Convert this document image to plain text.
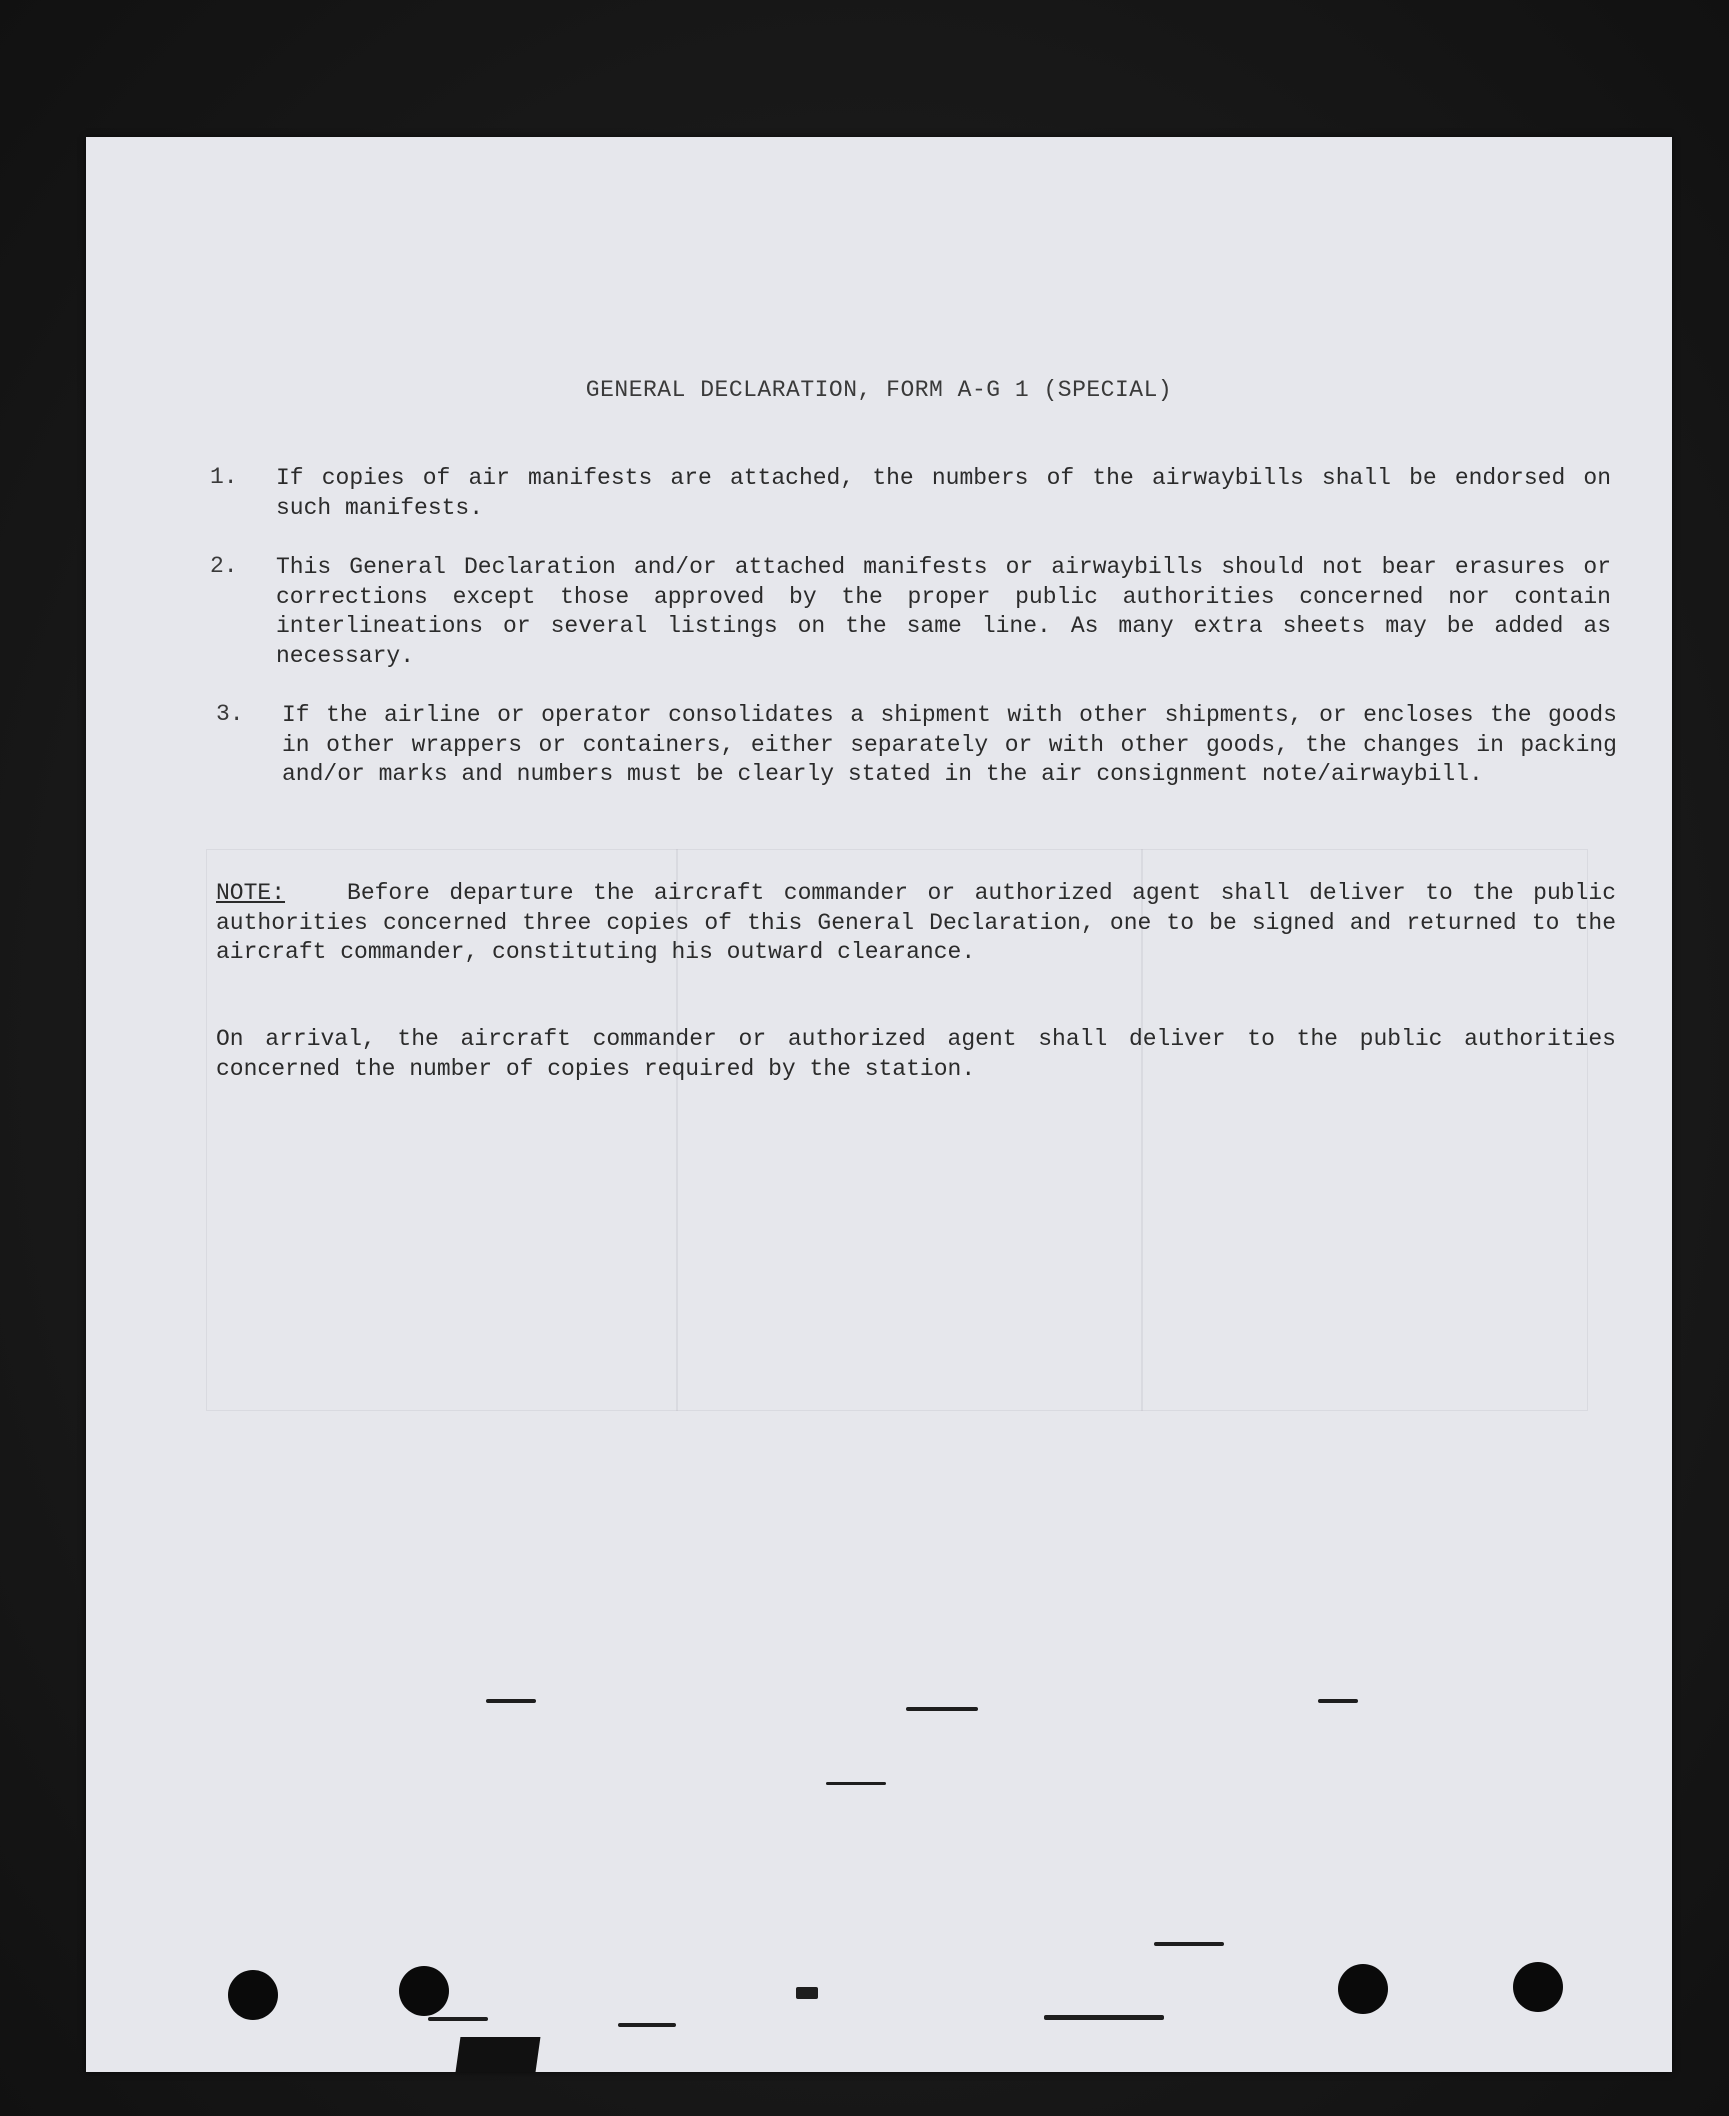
GENERAL DECLARATION, FORM A-G 1 (SPECIAL)
1. If copies of air manifests are attached, the numbers of the airwaybills shall be endorsed on such manifests.
2. This General Declaration and/or attached manifests or airwaybills should not bear erasures or corrections except those approved by the proper public authorities concerned nor contain interlineations or several listings on the same line. As many extra sheets may be added as necessary.
3. If the airline or operator consolidates a shipment with other shipments, or encloses the goods in other wrappers or containers, either separately or with other goods, the changes in packing and/or marks and numbers must be clearly stated in the air consignment note/airwaybill.
NOTE:	Before departure the aircraft commander or authorized agent shall deliver to the public authorities concerned three copies of this General Declaration, one to be signed and returned to the aircraft commander, constituting his outward clearance.
On arrival, the aircraft commander or authorized agent shall deliver to the public authorities concerned the number of copies required by the station.
